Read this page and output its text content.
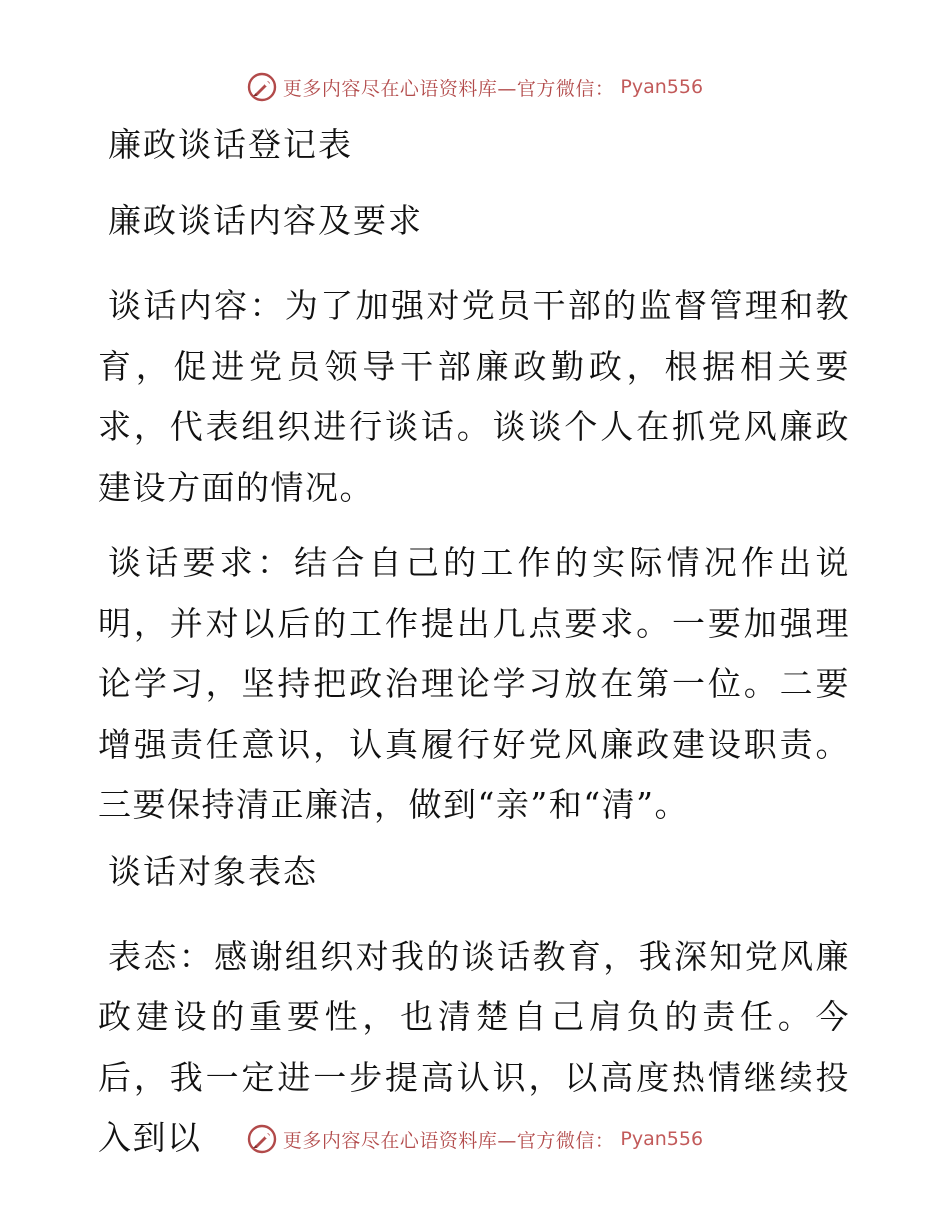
更多内容尽在心语资料库—官方微信： Pyan556
廉政谈话登记表
廉政谈话内容及要求

谈话内容：为了加强对党员干部的监督管理和教育，促进党员领导干部廉政勤政，根据相关要求，代表组织进行谈话。谈谈个人在抓党风廉政建设方面的情况。

谈话要求：结合自己的工作的实际情况作出说明，并对以后的工作提出几点要求。一要加强理论学习，坚持把政治理论学习放在第一位。二要增强责任意识，认真履行好党风廉政建设职责。三要保持清正廉洁，做到“亲”和“清”。

谈话对象表态

表态：感谢组织对我的谈话教育，我深知党风廉政建设的重要性，也清楚自己肩负的责任。今后，我一定进一步提高认识，以高度热情继续投入到以	更多内容尽在心语资料库—官方微信： Pyan556
